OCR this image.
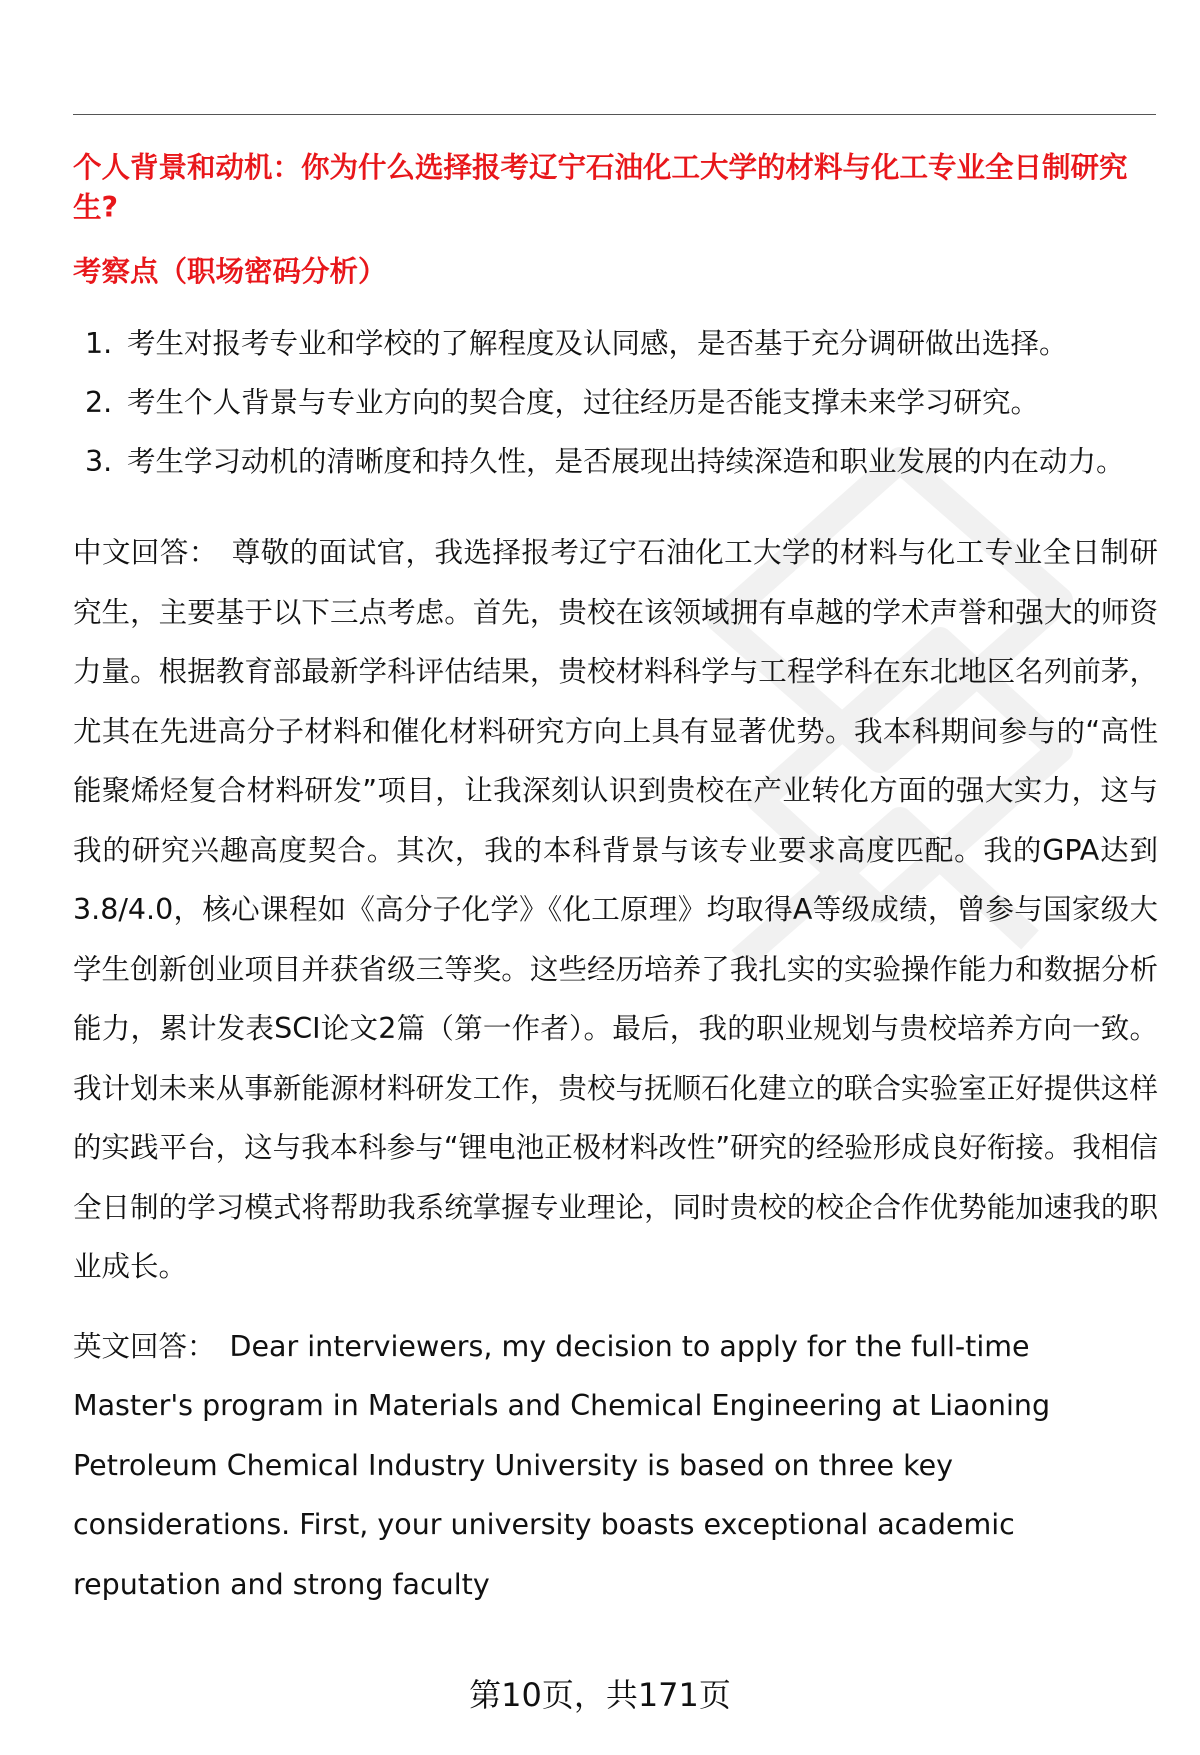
个人背景和动机：你为什么选择报考辽宁石油化工大学的材料与化工专业全日制研究生?
考察点（职场密码分析）
1. 考生对报考专业和学校的了解程度及认同感，是否基于充分调研做出选择。
2. 考生个人背景与专业方向的契合度，过往经历是否能支撑未来学习研究。
3. 考生学习动机的清晰度和持久性，是否展现出持续深造和职业发展的内在动力。

中文回答： 尊敬的面试官，我选择报考辽宁石油化工大学的材料与化工专业全日制研究生，主要基于以下三点考虑。首先，贵校在该领域拥有卓越的学术声誉和强大的师资力量。根据教育部最新学科评估结果，贵校材料科学与工程学科在东北地区名列前茅，尤其在先进高分子材料和催化材料研究方向上具有显著优势。我本科期间参与的“高性能聚烯烃复合材料研发”项目，让我深刻认识到贵校在产业转化方面的强大实力，这与我的研究兴趣高度契合。其次，我的本科背景与该专业要求高度匹配。我的GPA达到3.8/4.0，核心课程如《高分子化学》《化工原理》均取得A等级成绩，曾参与国家级大学生创新创业项目并获省级三等奖。这些经历培养了我扎实的实验操作能力和数据分析能力，累计发表SCI论文2篇（第一作者）。最后，我的职业规划与贵校培养方向一致。我计划未来从事新能源材料研发工作，贵校与抚顺石化建立的联合实验室正好提供这样的实践平台，这与我本科参与“锂电池正极材料改性”研究的经验形成良好衔接。我相信全日制的学习模式将帮助我系统掌握专业理论，同时贵校的校企合作优势能加速我的职业成长。

英文回答： Dear interviewers, my decision to apply for the full-time Master's program in Materials and Chemical Engineering at Liaoning Petroleum Chemical Industry University is based on three key considerations. First, your university boasts exceptional academic reputation and strong faculty

第10页，共171页
